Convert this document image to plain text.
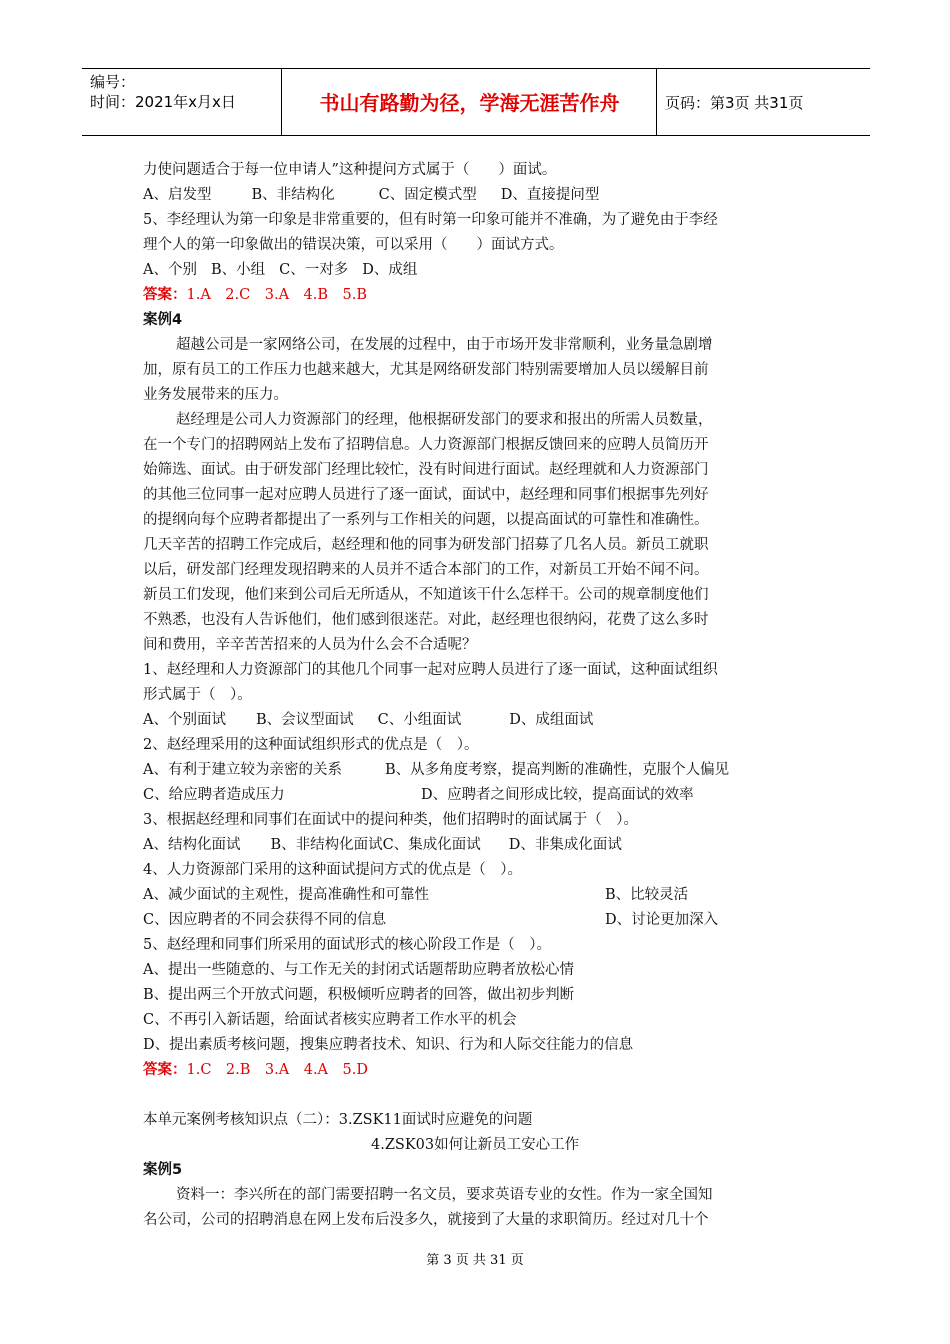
编号：
时间：2021年x月x日	书山有路勤为径，学海无涯苦作舟	页码：第3页 共31页

力使问题适合于每一位申请人”这种提问方式属于（　　）面试。

A、启发型	B、非结构化	C、固定模式型 D、直接提问型

5、李经理认为第一印象是非常重要的，但有时第一印象可能并不准确，为了避免由于李经

理个人的第一印象做出的错误决策，可以采用（　　）面试方式。

A、个别 B、小组 C、一对多 D、成组

答案：1.A　2.C　3.A　4.B　5.B

案例4

超越公司是一家网络公司，在发展的过程中，由于市场开发非常顺利，业务量急剧增

加，原有员工的工作压力也越来越大，尤其是网络研发部门特别需要增加人员以缓解目前

业务发展带来的压力。

赵经理是公司人力资源部门的经理，他根据研发部门的要求和报出的所需人员数量，

在一个专门的招聘网站上发布了招聘信息。人力资源部门根据反馈回来的应聘人员简历开

始筛选、面试。由于研发部门经理比较忙，没有时间进行面试。赵经理就和人力资源部门

的其他三位同事一起对应聘人员进行了逐一面试，面试中，赵经理和同事们根据事先列好

的提纲向每个应聘者都提出了一系列与工作相关的问题，以提高面试的可靠性和准确性。

几天辛苦的招聘工作完成后，赵经理和他的同事为研发部门招募了几名人员。新员工就职

以后，研发部门经理发现招聘来的人员并不适合本部门的工作，对新员工开始不闻不问。

新员工们发现，他们来到公司后无所适从，不知道该干什么怎样干。公司的规章制度他们

不熟悉，也没有人告诉他们，他们感到很迷茫。对此，赵经理也很纳闷，花费了这么多时

间和费用，辛辛苦苦招来的人员为什么会不合适呢？

1、赵经理和人力资源部门的其他几个同事一起对应聘人员进行了逐一面试，这种面试组织

形式属于（　）。

A、个别面试 B、会议型面试 C、小组面试	D、成组面试

2、赵经理采用的这种面试组织形式的优点是（　）。

A、有利于建立较为亲密的关系	B、从多角度考察，提高判断的准确性，克服个人偏见

C、给应聘者造成压力	D、应聘者之间形成比较，提高面试的效率

3、根据赵经理和同事们在面试中的提问种类，他们招聘时的面试属于（　）。

A、结构化面试 B、非结构化面试C、集成化面试 D、非集成化面试

4、人力资源部门采用的这种面试提问方式的优点是（　）。

A、减少面试的主观性，提高准确性和可靠性	B、比较灵活

C、因应聘者的不同会获得不同的信息	D、讨论更加深入

5、赵经理和同事们所采用的面试形式的核心阶段工作是（　）。

A、提出一些随意的、与工作无关的封闭式话题帮助应聘者放松心情

B、提出两三个开放式问题，积极倾听应聘者的回答，做出初步判断

C、不再引入新话题，给面试者核实应聘者工作水平的机会

D、提出素质考核问题，搜集应聘者技术、知识、行为和人际交往能力的信息

答案：1.C　2.B　3.A　4.A　5.D

本单元案例考核知识点（二）：3.ZSK11面试时应避免的问题

4.ZSK03如何让新员工安心工作

案例5

资料一：李兴所在的部门需要招聘一名文员，要求英语专业的女性。作为一家全国知

名公司，公司的招聘消息在网上发布后没多久，就接到了大量的求职简历。经过对几十个

第 3 页 共 31 页
